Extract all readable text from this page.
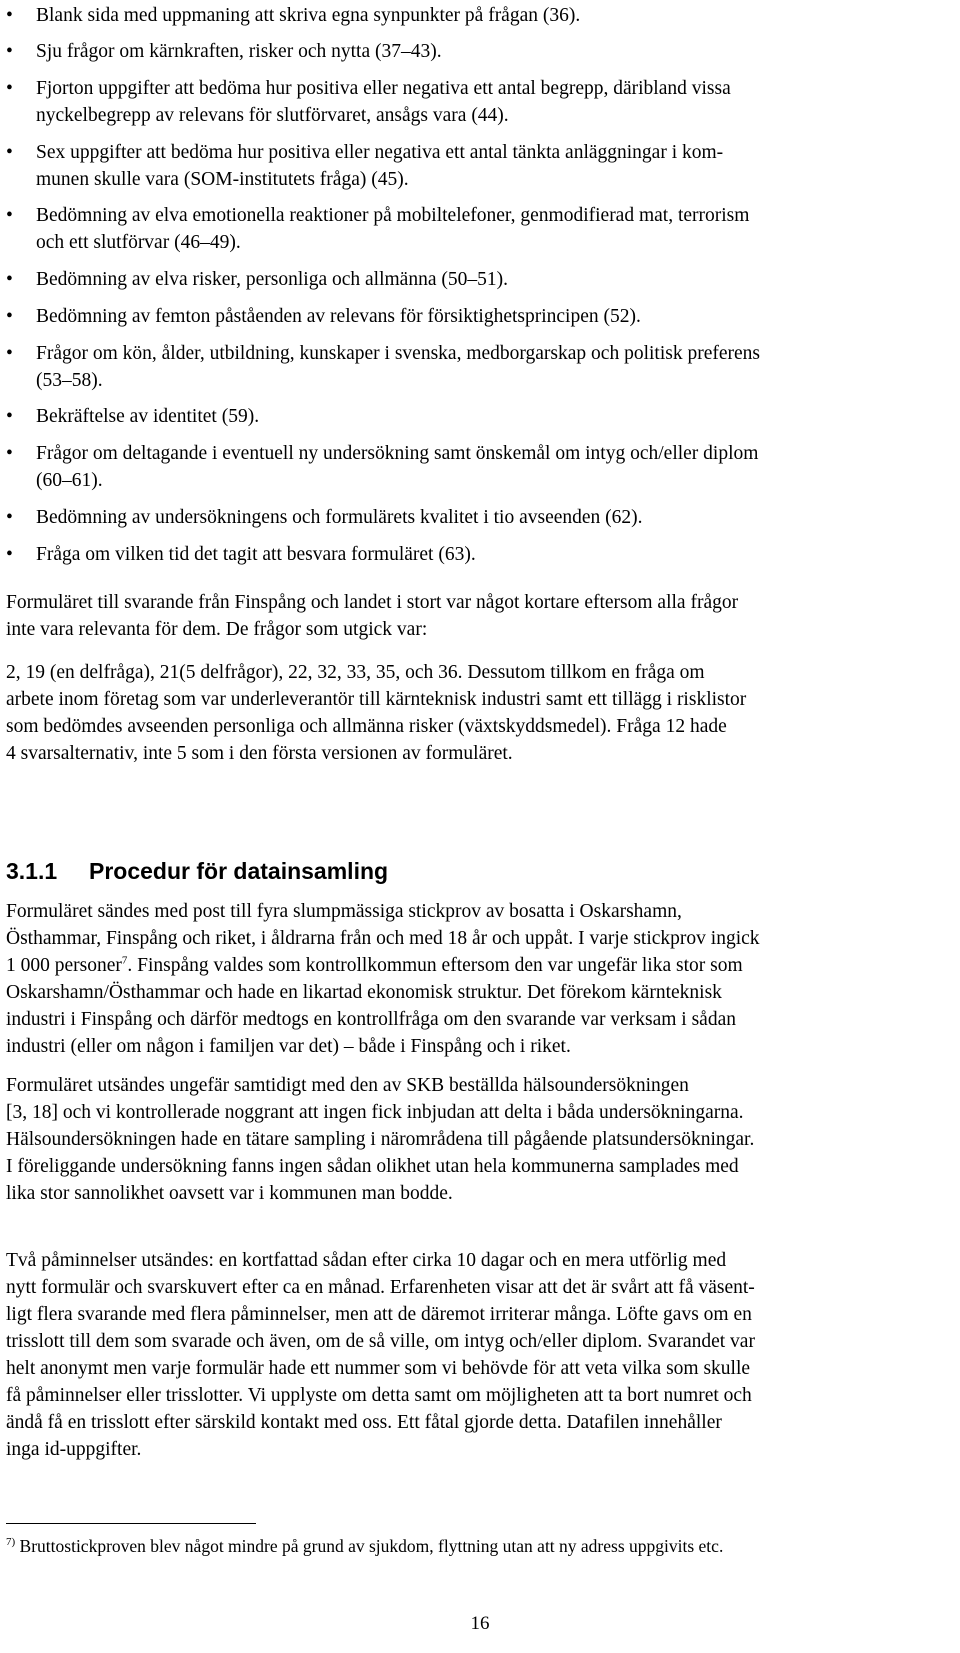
• Blank sida med uppmaning att skriva egna synpunkter på frågan (36).
• Sju frågor om kärnkraften, risker och nytta (37–43).
• Fjorton uppgifter att bedöma hur positiva eller negativa ett antal begrepp, däribland vissa
nyckelbegrepp av relevans för slutförvaret, ansågs vara (44).
• Sex uppgifter att bedöma hur positiva eller negativa ett antal tänkta anläggningar i kom-
munen skulle vara (SOM-institutets fråga) (45).
• Bedömning av elva emotionella reaktioner på mobiltelefoner, genmodifierad mat, terrorism
och ett slutförvar (46–49).
• Bedömning av elva risker, personliga och allmänna (50–51).
• Bedömning av femton påståenden av relevans för försiktighetsprincipen (52).
• Frågor om kön, ålder, utbildning, kunskaper i svenska, medborgarskap och politisk preferens
(53–58).
• Bekräftelse av identitet (59).
• Frågor om deltagande i eventuell ny undersökning samt önskemål om intyg och/eller diplom
(60–61).
• Bedömning av undersökningens och formulärets kvalitet i tio avseenden (62).
• Fråga om vilken tid det tagit att besvara formuläret (63).
Formuläret till svarande från Finspång och landet i stort var något kortare eftersom alla frågor
inte vara relevanta för dem. De frågor som utgick var:
2, 19 (en delfråga), 21(5 delfrågor), 22, 32, 33, 35, och 36. Dessutom tillkom en fråga om
arbete inom företag som var underleverantör till kärnteknisk industri samt ett tillägg i risklistor
som bedömdes avseenden personliga och allmänna risker (växtskyddsmedel). Fråga 12 hade
4 svarsalternativ, inte 5 som i den första versionen av formuläret.
3.1.1 Procedur för datainsamling
Formuläret sändes med post till fyra slumpmässiga stickprov av bosatta i Oskarshamn,
Östhammar, Finspång och riket, i åldrarna från och med 18 år och uppåt. I varje stickprov ingick
1 000 personer$^7$. Finspång valdes som kontrollkommun eftersom den var ungefär lika stor som
Oskarshamn/Östhammar och hade en likartad ekonomisk struktur. Det förekom kärnteknisk
industri i Finspång och därför medtogs en kontrollfråga om den svarande var verksam i sådan
industri (eller om någon i familjen var det) – både i Finspång och i riket.
Formuläret utsändes ungefär samtidigt med den av SKB beställda hälsoundersökningen
[3, 18] och vi kontrollerade noggrant att ingen fick inbjudan att delta i båda undersökningarna.
Hälsoundersökningen hade en tätare sampling i närområdena till pågående platsundersökningar.
I föreliggande undersökning fanns ingen sådan olikhet utan hela kommunerna samplades med
lika stor sannolikhet oavsett var i kommunen man bodde.
Två påminnelser utsändes: en kortfattad sådan efter cirka 10 dagar och en mera utförlig med
nytt formulär och svarskuvert efter ca en månad. Erfarenheten visar att det är svårt att få väsent-
ligt flera svarande med flera påminnelser, men att de däremot irriterar många. Löfte gavs om en
trisslott till dem som svarade och även, om de så ville, om intyg och/eller diplom. Svarandet var
helt anonymt men varje formulär hade ett nummer som vi behövde för att veta vilka som skulle
få påminnelser eller trisslotter. Vi upplyste om detta samt om möjligheten att ta bort numret och
ändå få en trisslott efter särskild kontakt med oss. Ett fåtal gjorde detta. Datafilen innehåller
inga id-uppgifter.
$^{7)}$ Bruttostickproven blev något mindre på grund av sjukdom, flyttning utan att ny adress uppgivits etc.
16
